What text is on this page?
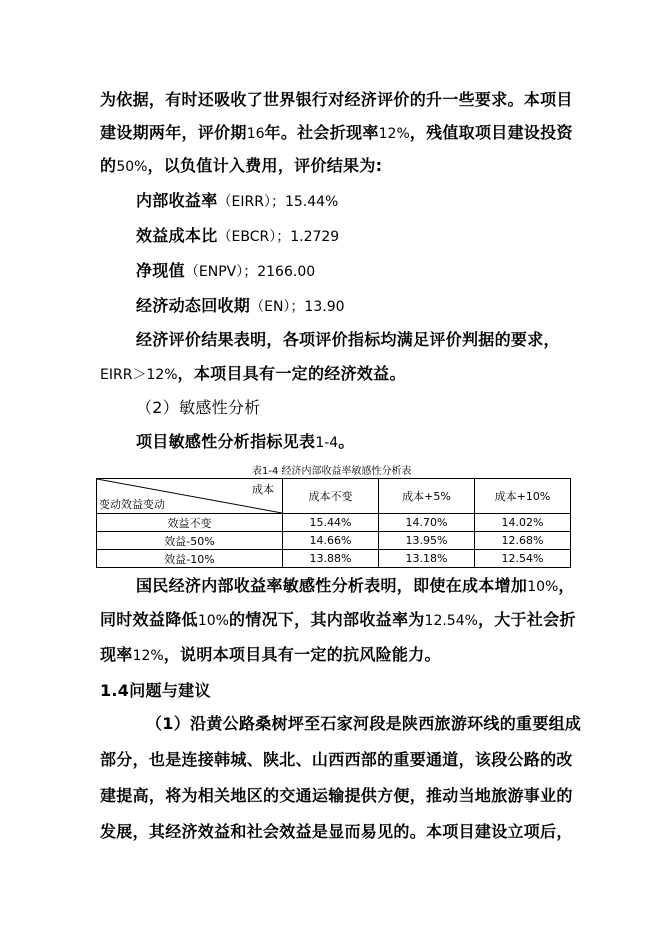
为依据，有时还吸收了世界银行对经济评价的升一些要求。本项目
建设期两年，评价期16年。社会折现率12%，残值取项目建设投资
的50%，以负值计入费用，评价结果为:
内部收益率（EIRR）；15.44%
效益成本比（EBCR）；1.2729
净现值（ENPV）；2166.00
经济动态回收期（EN）；13.90
经济评价结果表明，各项评价指标均满足评价判据的要求，
EIRR＞12%，本项目具有一定的经济效益。
（2）敏感性分析
项目敏感性分析指标见表1-4。
表1-4 经济内部收益率敏感性分析表
成本
变动效益变动	成本不变	成本+5%	成本+10%
效益不变	15.44%	14.70%	14.02%
效益-50%	14.66%	13.95%	12.68%
效益-10%	13.88%	13.18%	12.54%
国民经济内部收益率敏感性分析表明，即使在成本增加10%，
同时效益降低10%的情况下，其内部收益率为12.54%，大于社会折
现率12%，说明本项目具有一定的抗风险能力。
1.4问题与建议
（1）沿黄公路桑树坪至石家河段是陕西旅游环线的重要组成
部分，也是连接韩城、陕北、山西西部的重要通道，该段公路的改
建提高，将为相关地区的交通运输提供方便，推动当地旅游事业的
发展，其经济效益和社会效益是显而易见的。本项目建设立项后，
